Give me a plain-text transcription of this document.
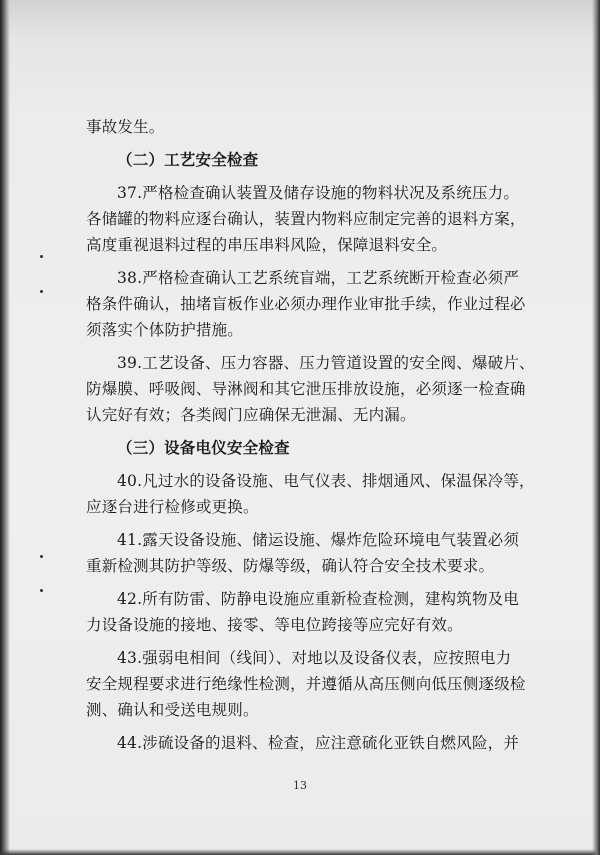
事故发生。
（二）工艺安全检查
37.严格检查确认装置及储存设施的物料状况及系统压力。
各储罐的物料应逐台确认，装置内物料应制定完善的退料方案，
高度重视退料过程的串压串料风险，保障退料安全。
38.严格检查确认工艺系统盲端，工艺系统断开检查必须严
格条件确认，抽堵盲板作业必须办理作业审批手续，作业过程必
须落实个体防护措施。
39.工艺设备、压力容器、压力管道设置的安全阀、爆破片、
防爆膜、呼吸阀、导淋阀和其它泄压排放设施，必须逐一检查确
认完好有效；各类阀门应确保无泄漏、无内漏。
（三）设备电仪安全检查
40.凡过水的设备设施、电气仪表、排烟通风、保温保冷等，
应逐台进行检修或更换。
41.露天设备设施、储运设施、爆炸危险环境电气装置必须
重新检测其防护等级、防爆等级，确认符合安全技术要求。
42.所有防雷、防静电设施应重新检查检测，建构筑物及电
力设备设施的接地、接零、等电位跨接等应完好有效。
43.强弱电相间（线间）、对地以及设备仪表，应按照电力
安全规程要求进行绝缘性检测，并遵循从高压侧向低压侧逐级检
测、确认和受送电规则。
44.涉硫设备的退料、检查，应注意硫化亚铁自燃风险，并
13
